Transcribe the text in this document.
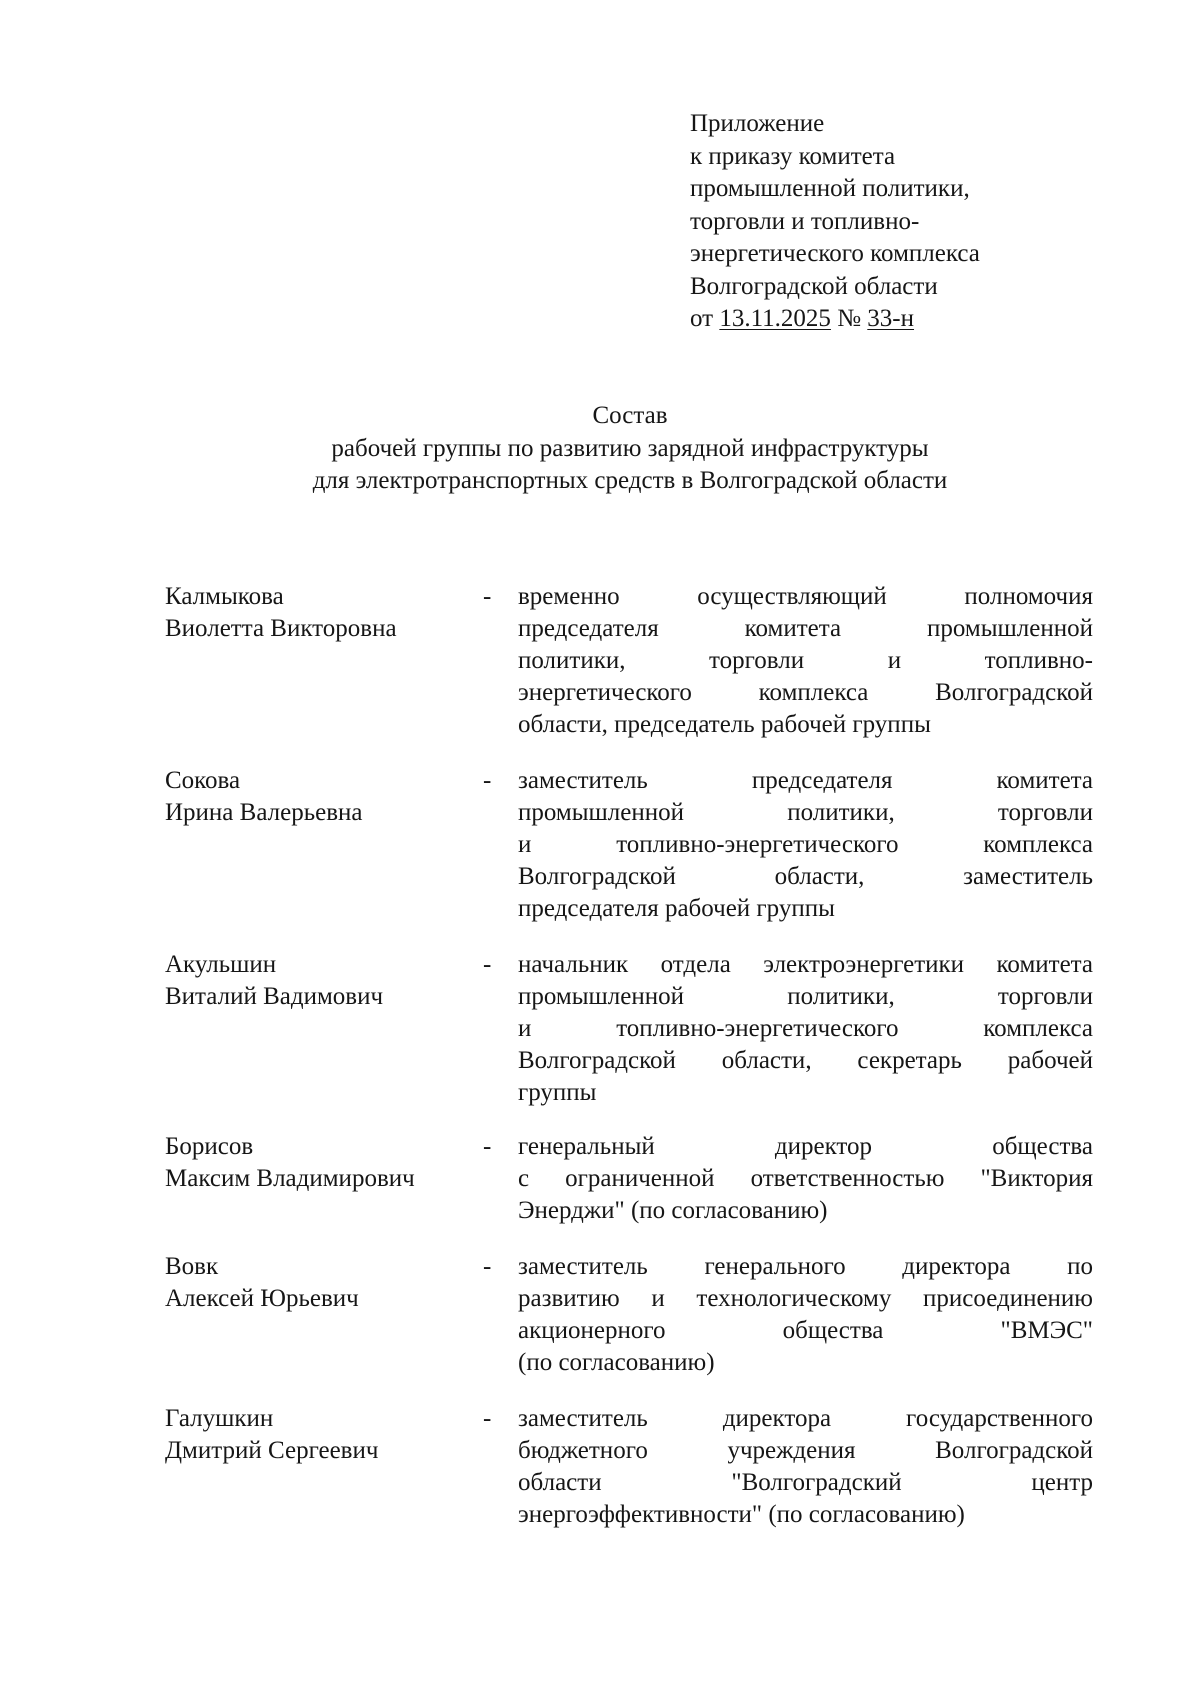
Приложение
к приказу комитета
промышленной политики,
торговли и топливно-
энергетического комплекса
Волгоградской области
от 13.11.2025 № 33-н
Состав
рабочей группы по развитию зарядной инфраструктуры
для электротранспортных средств в Волгоградской области
Калмыкова
Виолетта Викторовна
- временно осуществляющий полномочия
председателя комитета промышленной
политики, торговли и топливно-
энергетического комплекса Волгоградской
области, председатель рабочей группы
Сокова
Ирина Валерьевна
- заместитель председателя комитета
промышленной политики, торговли
и топливно-энергетического комплекса
Волгоградской области, заместитель
председателя рабочей группы
Акульшин
Виталий Вадимович
- начальник отдела электроэнергетики комитета
промышленной политики, торговли
и топливно-энергетического комплекса
Волгоградской области, секретарь рабочей
группы
Борисов
Максим Владимирович
- генеральный директор общества
с ограниченной ответственностью "Виктория
Энерджи" (по согласованию)
Вовк
Алексей Юрьевич
- заместитель генерального директора по
развитию и технологическому присоединению
акционерного общества "ВМЭС"
(по согласованию)
Галушкин
Дмитрий Сергеевич
- заместитель директора государственного
бюджетного учреждения Волгоградской
области "Волгоградский центр
энергоэффективности" (по согласованию)
